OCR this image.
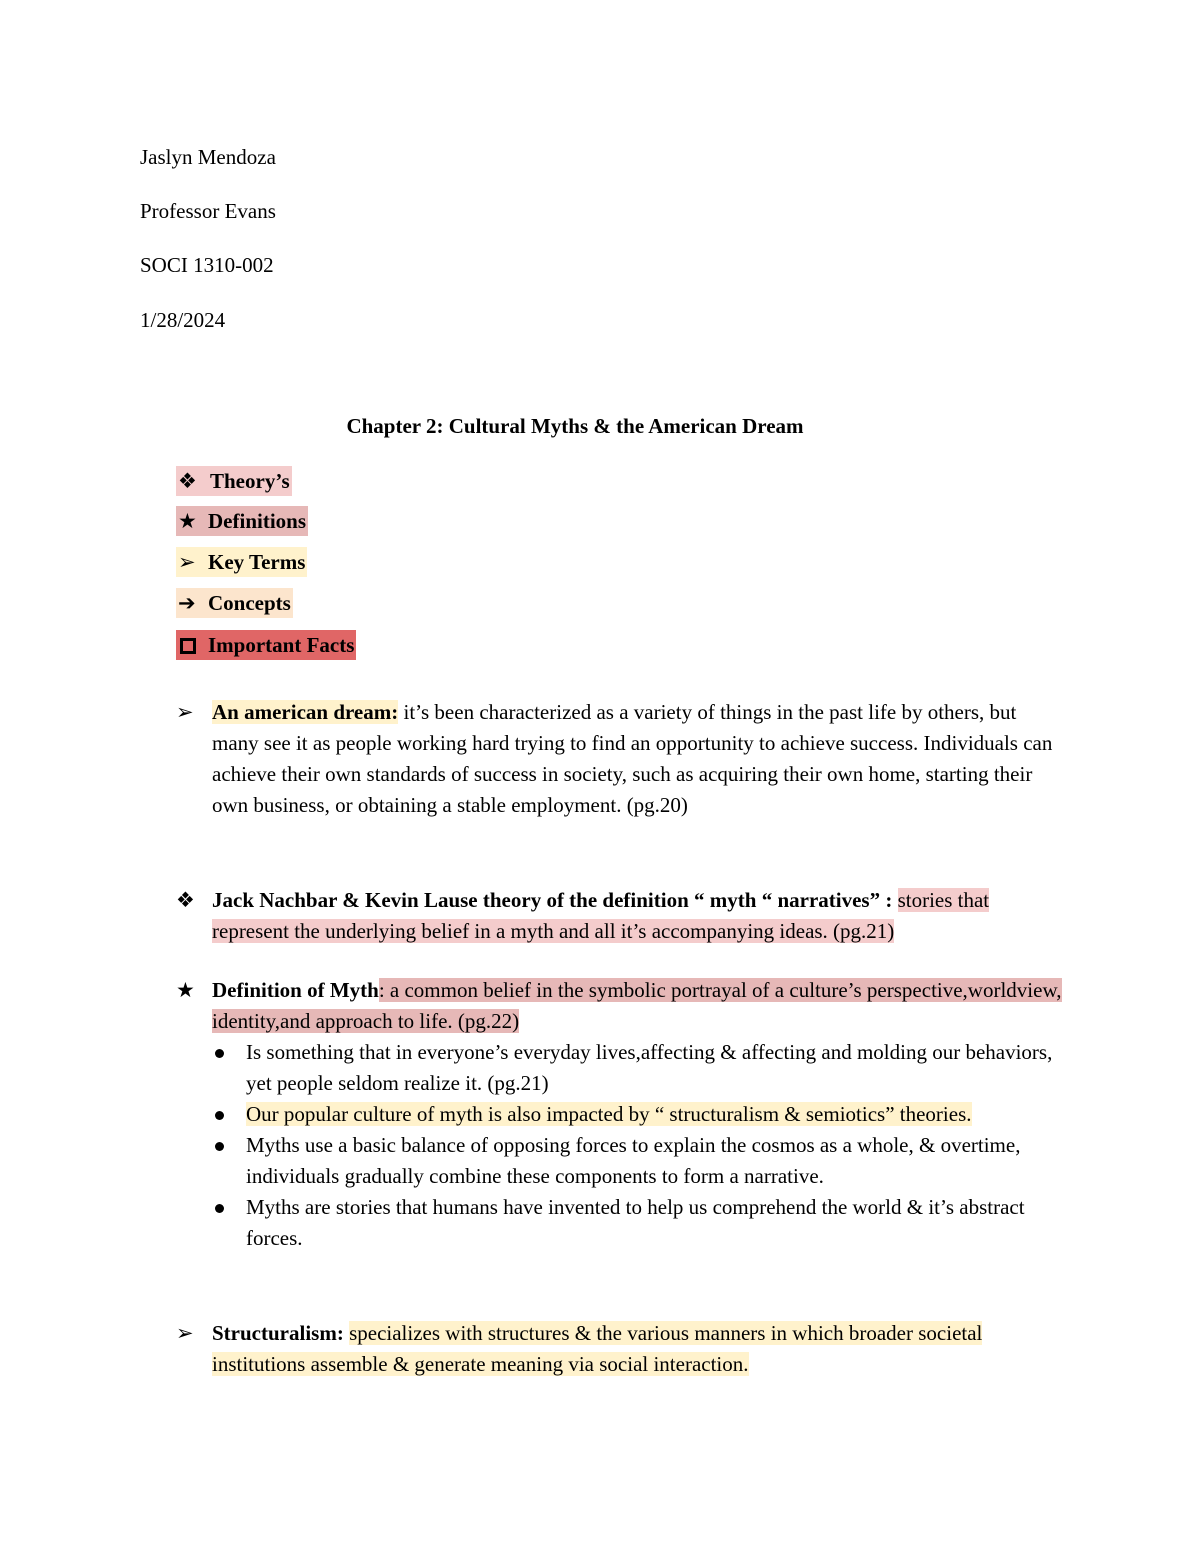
Jaslyn Mendoza
Professor Evans
SOCI 1310-002
1/28/2024
Chapter 2: Cultural Myths & the American Dream
❖ Theory’s
★ Definitions
➢ Key Terms
➔ Concepts
Important Facts
➢ An american dream: it’s been characterized as a variety of things in the past life by others, but many see it as people working hard trying to find an opportunity to achieve success. Individuals can achieve their own standards of success in society, such as acquiring their own home, starting their own business, or obtaining a stable employment. (pg.20)
❖ Jack Nachbar & Kevin Lause theory of the definition “ myth “ narratives” : stories that represent the underlying belief in a myth and all it’s accompanying ideas. (pg.21)
★ Definition of Myth: a common belief in the symbolic portrayal of a culture’s perspective,worldview, identity,and approach to life. (pg.22)
Is something that in everyone’s everyday lives,affecting & affecting and molding our behaviors, yet people seldom realize it. (pg.21)
Our popular culture of myth is also impacted by “ structuralism & semiotics” theories.
Myths use a basic balance of opposing forces to explain the cosmos as a whole, & overtime, individuals gradually combine these components to form a narrative.
Myths are stories that humans have invented to help us comprehend the world & it’s abstract forces.
➢ Structuralism: specializes with structures & the various manners in which broader societal institutions assemble & generate meaning via social interaction.
